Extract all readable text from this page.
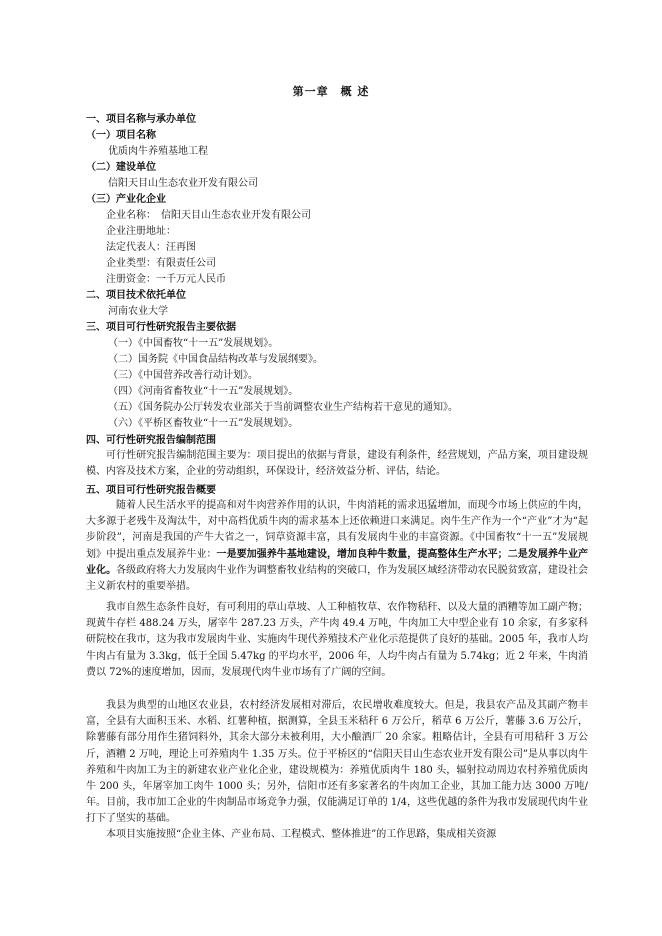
第一章　概 述
一、项目名称与承办单位
（一）项目名称
优质肉牛养殖基地工程
（二）建设单位
信阳天目山生态农业开发有限公司
（三）产业化企业
企业名称：　信阳天目山生态农业开发有限公司
企业注册地址：
法定代表人：汪再图
企业类型：有限责任公司
注册资金：一千万元人民币
二、项目技术依托单位
河南农业大学
三、项目可行性研究报告主要依据
（一）《中国畜牧“十一五”发展规划》。
（二）国务院《中国食品结构改革与发展纲要》。
（三）《中国营养改善行动计划》。
（四）《河南省畜牧业“十一五”发展规划》。
（五）《国务院办公厅转发农业部关于当前调整农业生产结构若干意见的通知》。
（六）《平桥区畜牧业“十一五”发展规划》。
四、可行性研究报告编制范围
可行性研究报告编制范围主要为：项目提出的依据与背景，建设有利条件，经营规划，产品方案，项目建设规模、内容及技术方案，企业的劳动组织，环保设计，经济效益分析、评估，结论。
五、项目可行性研究报告概要
随着人民生活水平的提高和对牛肉营养作用的认识，牛肉消耗的需求迅猛增加，而现今市场上供应的牛肉，大多源于老残牛及淘汰牛，对中高档优质牛肉的需求基本上还依赖进口来满足。肉牛生产作为一个“产业”才为“起步阶段”，河南是我国的产牛大省之一，饲草资源丰富，具有发展肉牛业的丰富资源。《中国畜牧“十一五”发展规划》中提出重点发展养牛业：一是要加强养牛基地建设，增加良种牛数量，提高整体生产水平；二是发展养牛业产业化。各级政府将大力发展肉牛业作为调整畜牧业结构的突破口，作为发展区域经济带动农民脱贫致富，建设社会主义新农村的重要举措。
我市自然生态条件良好，有可利用的草山草坡、人工种植牧草、农作物秸秆、以及大量的酒糟等加工副产物；现黄牛存栏 488.24 万头，屠宰牛 287.23 万头，产牛肉 49.4 万吨，牛肉加工大中型企业有 10 余家，有多家科研院校在我市，这为我市发展肉牛业、实施肉牛现代养殖技术产业化示范提供了良好的基础。2005 年，我市人均牛肉占有量为 3.3kg，低于全国 5.47kg 的平均水平，2006 年，人均牛肉占有量为 5.74kg；近 2 年来，牛肉消费以 72%的速度增加，因而，发展现代肉牛业市场有了广阔的空间。
我县为典型的山地区农业县，农村经济发展相对滞后，农民增收难度较大。但是，我县农产品及其副产物丰富，全县有大面积玉米、水稻、红薯种植，据测算，全县玉米秸秆 6 万公斤，稻草 6 万公斤，薯藤 3.6 万公斤，除薯藤有部分用作生猪饲料外，其余大部分未被利用，大小酿酒厂 20 余家。粗略估计，全县有可用秸秆 3 万公斤，酒糟 2 万吨，理论上可养殖肉牛 1.35 万头。位于平桥区的“信阳天目山生态农业开发有限公司”是从事以肉牛养殖和牛肉加工为主的新建农业产业化企业，建设规模为：养殖优质肉牛 180 头，辐射拉动周边农村养殖优质肉牛 200 头，年屠宰加工肉牛 1000 头；另外，信阳市还有多家著名的牛肉加工企业，其加工能力达 3000 万吨/年。目前，我市加工企业的牛肉制品市场竞争力强，仅能满足订单的 1/4，这些优越的条件为我市发展现代肉牛业打下了坚实的基础。
本项目实施按照“企业主体、产业布局、工程模式、整体推进”的工作思路，集成相关资源
